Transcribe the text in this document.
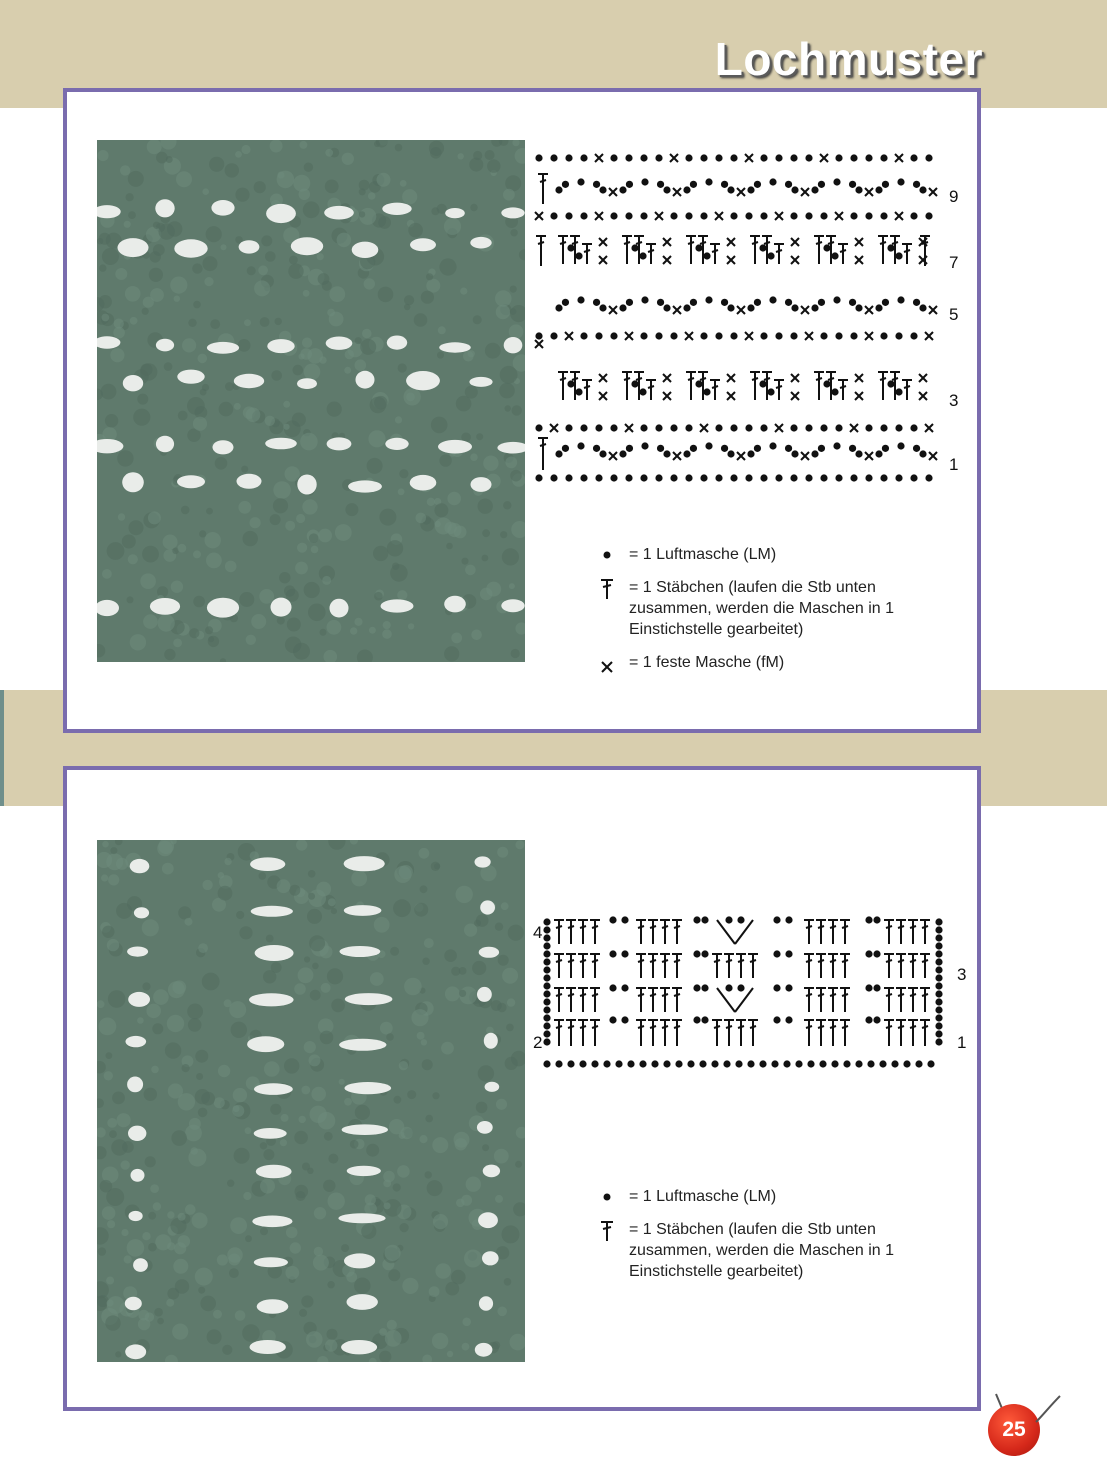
Lochmuster
9
7
5
3
1
= 1 Luftmasche (LM)
= 1 Stäbchen (laufen die Stb unten zusammen, werden die Maschen in 1 Einstichstelle gearbeitet)
= 1 feste Masche (fM)
4
3
2	1
= 1 Luftmasche (LM)
= 1 Stäbchen (laufen die Stb unten zusammen, werden die Maschen in 1 Einstichstelle gearbeitet)
25
